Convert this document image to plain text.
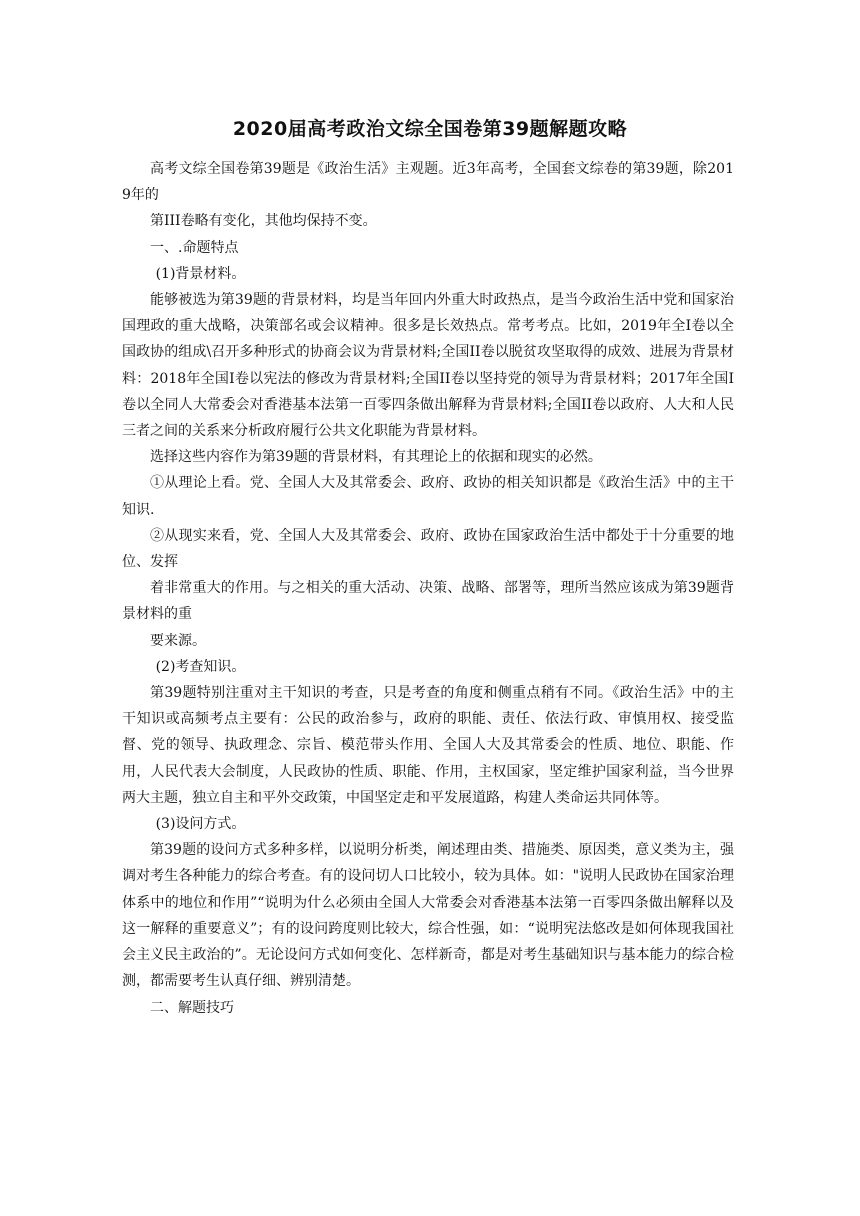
2020届高考政治文综全国卷第39题解题攻略

高考文综全国卷第39题是《政治生活》主观题。近3年高考，全国套文综卷的第39题，除2019年的

第III卷略有变化，其他均保持不变。

一、.命题特点

(1)背景材料。

能够被选为第39题的背景材料，均是当年回内外重大时政热点，是当今政治生活中党和国家治国理政的重大战略，决策部名或会议精神。很多是长效热点。常考考点。比如，2019年全Ⅰ卷以全国政协的组成\召开多种形式的协商会议为背景材料;全国II卷以脱贫攻坚取得的成效、进展为背景材料：2018年全国Ⅰ卷以宪法的修改为背景材料;全国II卷以坚持党的领导为背景材料；2017年全国Ⅰ卷以全同人大常委会对香港基本法第一百零四条做出解释为背景材料;全国II卷以政府、人大和人民三者之间的关系来分析政府履行公共文化职能为背景材料。

选择这些内容作为第39题的背景材料，有其理论上的依据和现实的必然。

①从理论上看。党、全国人大及其常委会、政府、政协的相关知识都是《政治生活》中的主干知识.

②从现实来看，党、全国人大及其常委会、政府、政协在国家政治生活中都处于十分重要的地位、发挥

着非常重大的作用。与之相关的重大活动、决策、战略、部署等，理所当然应该成为第39题背景材料的重

要来源。

(2)考查知识。

第39题特别注重对主干知识的考查，只是考查的角度和侧重点稍有不同。《政治生活》中的主干知识或高频考点主要有：公民的政治参与，政府的职能、责任、依法行政、审慎用权、接受监督、党的领导、执政理念、宗旨、模范带头作用、全国人大及其常委会的性质、地位、职能、作用，人民代表大会制度，人民政协的性质、职能、作用，主权国家，坚定维护国家利益，当今世界两大主题，独立自主和平外交政策，中国坚定走和平发展道路，构建人类命运共同体等。

(3)设问方式。

第39题的设问方式多种多样，以说明分析类，阐述理由类、措施类、原因类，意义类为主，强调对考生各种能力的综合考查。有的设问切人口比较小，较为具体。如："说明人民政协在国家治理体系中的地位和作用”“说明为什么必须由全国人大常委会对香港基本法第一百零四条做出解释以及这一解释的重要意义”；有的设问跨度则比较大，综合性强，如：“说明宪法悠改是如何体现我国社会主义民主政治的”。无论设问方式如何变化、怎样新奇，都是对考生基础知识与基本能力的综合检测，都需要考生认真仔细、辨别清楚。

二、解题技巧
